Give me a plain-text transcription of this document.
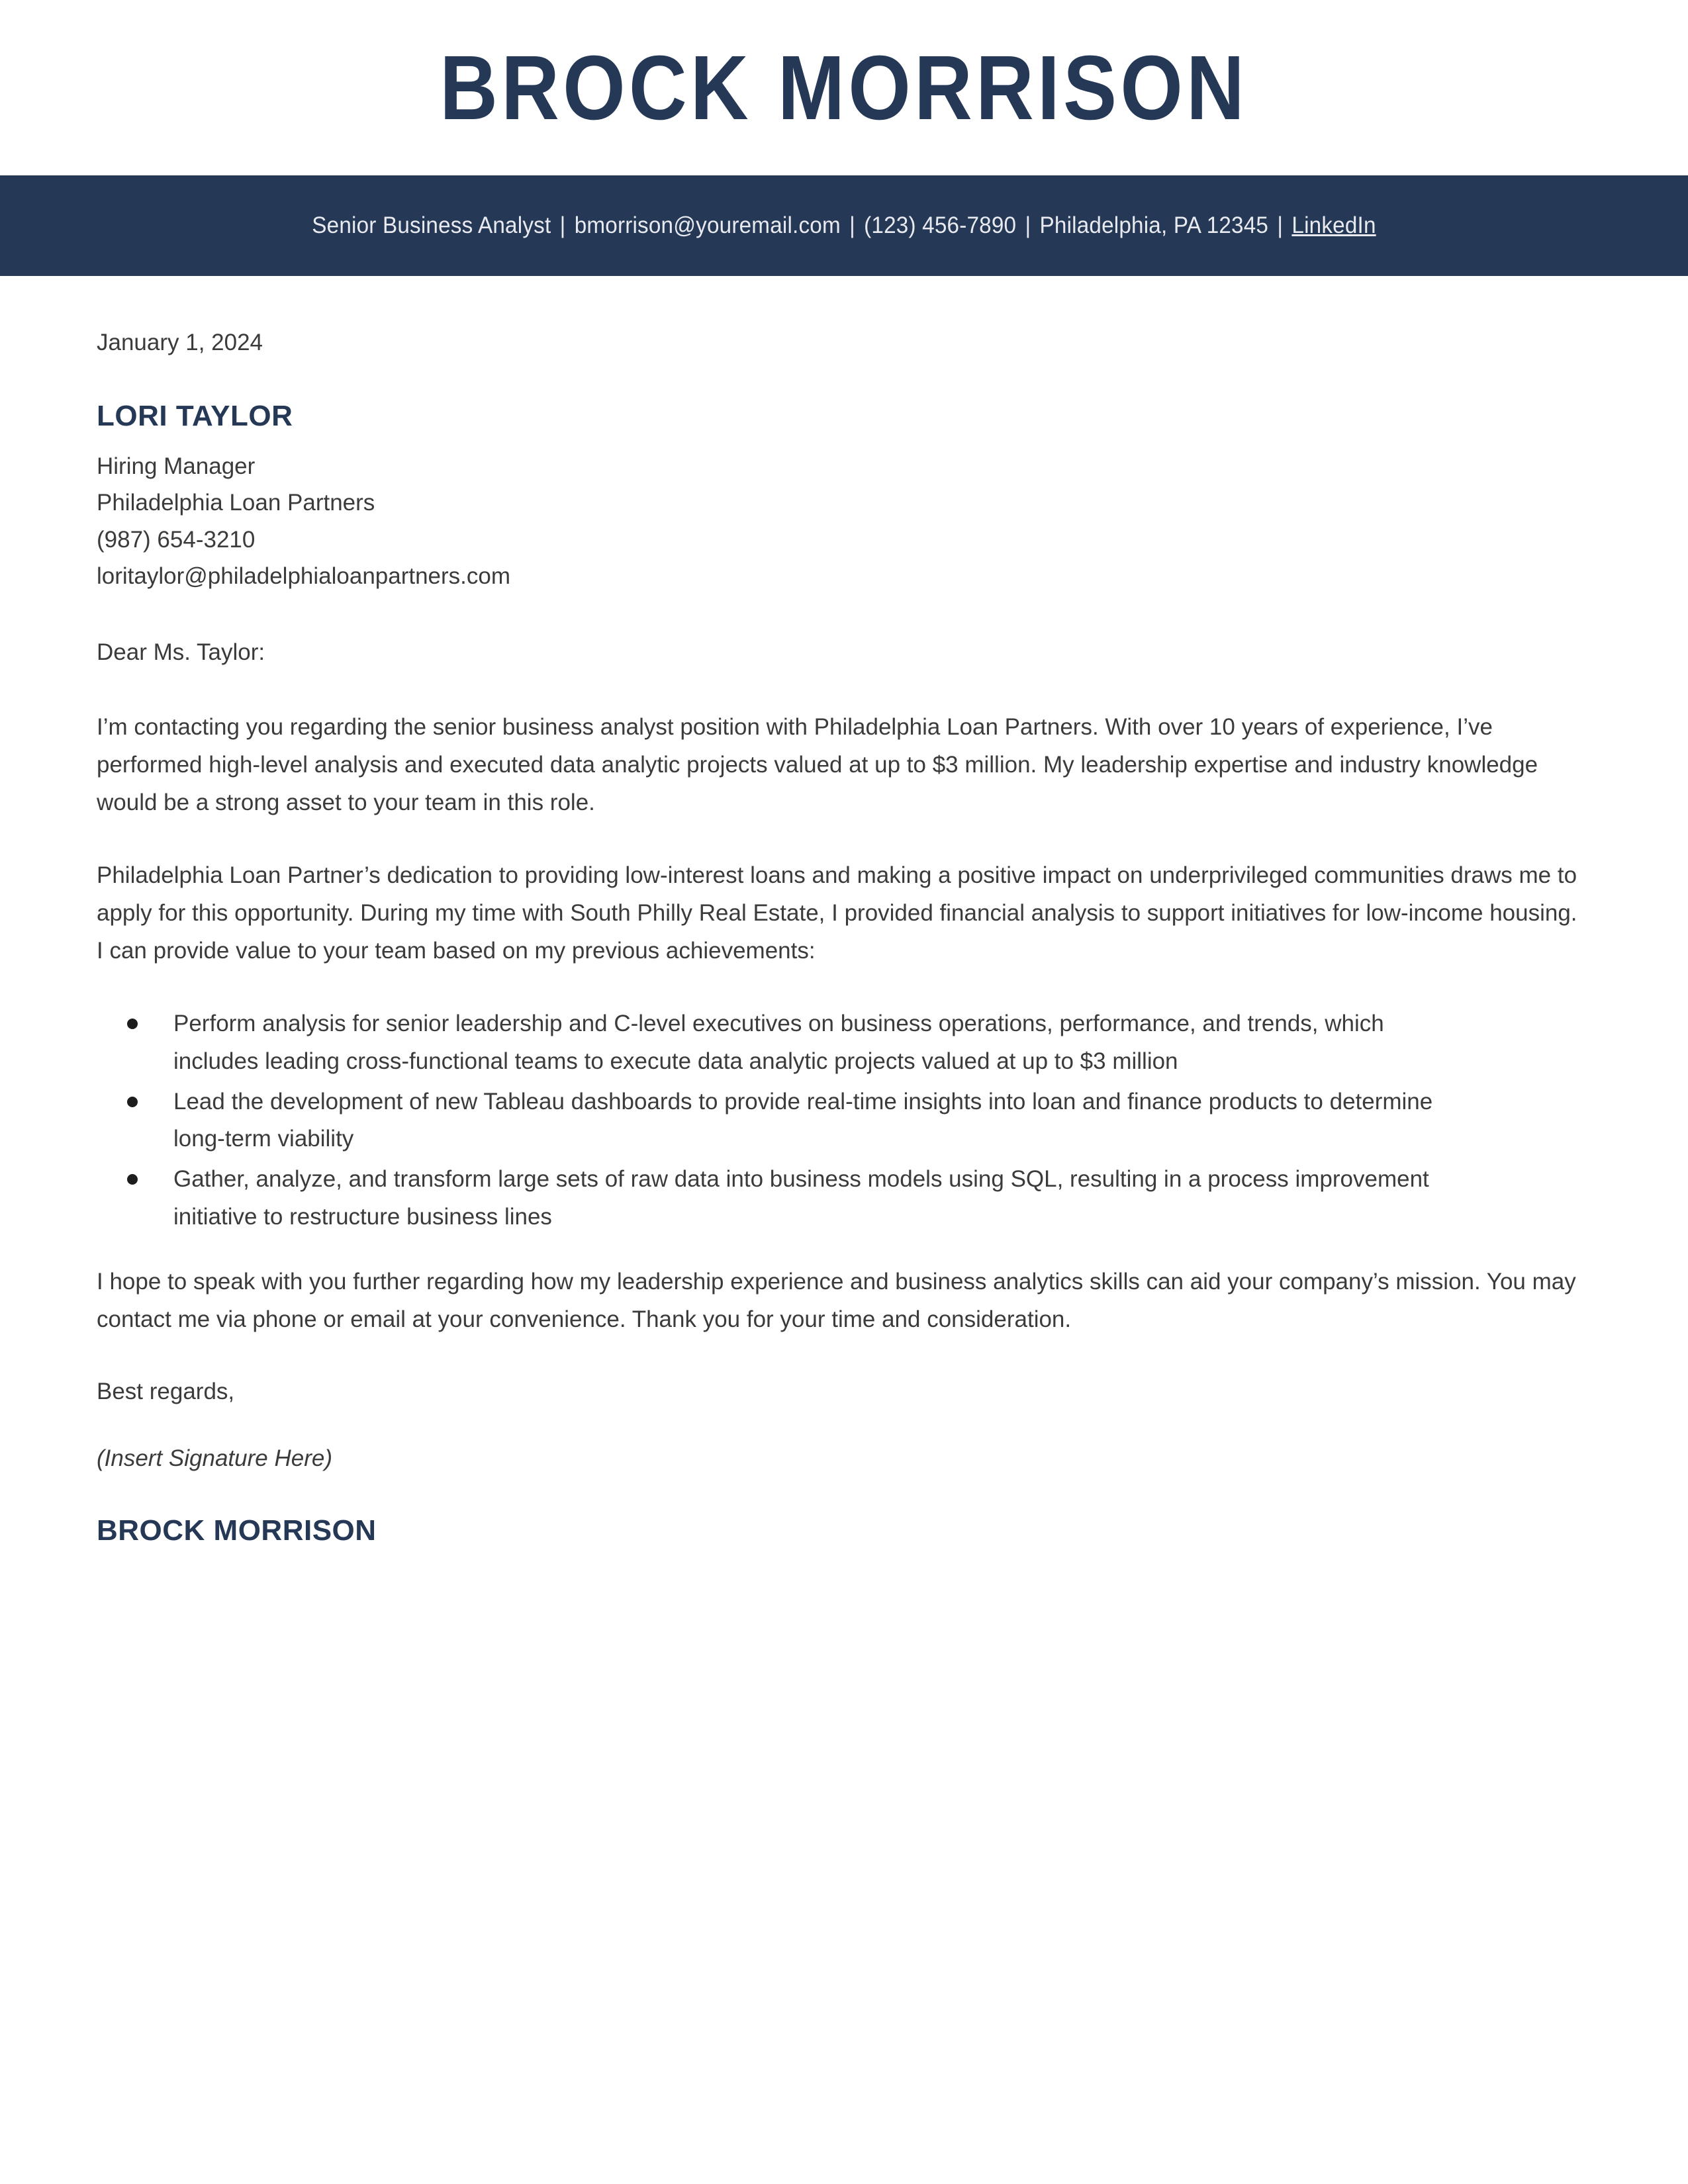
BROCK MORRISON
Senior Business Analyst | bmorrison@youremail.com | (123) 456-7890 | Philadelphia, PA 12345 | LinkedIn
January 1, 2024
LORI TAYLOR
Hiring Manager
Philadelphia Loan Partners
(987) 654-3210
loritaylor@philadelphialoanpartners.com
Dear Ms. Taylor:

I’m contacting you regarding the senior business analyst position with Philadelphia Loan Partners. With over 10 years of experience, I’ve performed high-level analysis and executed data analytic projects valued at up to $3 million. My leadership expertise and industry knowledge would be a strong asset to your team in this role.

Philadelphia Loan Partner’s dedication to providing low-interest loans and making a positive impact on underprivileged communities draws me to apply for this opportunity. During my time with South Philly Real Estate, I provided financial analysis to support initiatives for low-income housing. I can provide value to your team based on my previous achievements:

Perform analysis for senior leadership and C-level executives on business operations, performance, and trends, which includes leading cross-functional teams to execute data analytic projects valued at up to $3 million
Lead the development of new Tableau dashboards to provide real-time insights into loan and finance products to determine long-term viability
Gather, analyze, and transform large sets of raw data into business models using SQL, resulting in a process improvement initiative to restructure business lines

I hope to speak with you further regarding how my leadership experience and business analytics skills can aid your company’s mission. You may contact me via phone or email at your convenience. Thank you for your time and consideration.

Best regards,
(Insert Signature Here)
BROCK MORRISON
